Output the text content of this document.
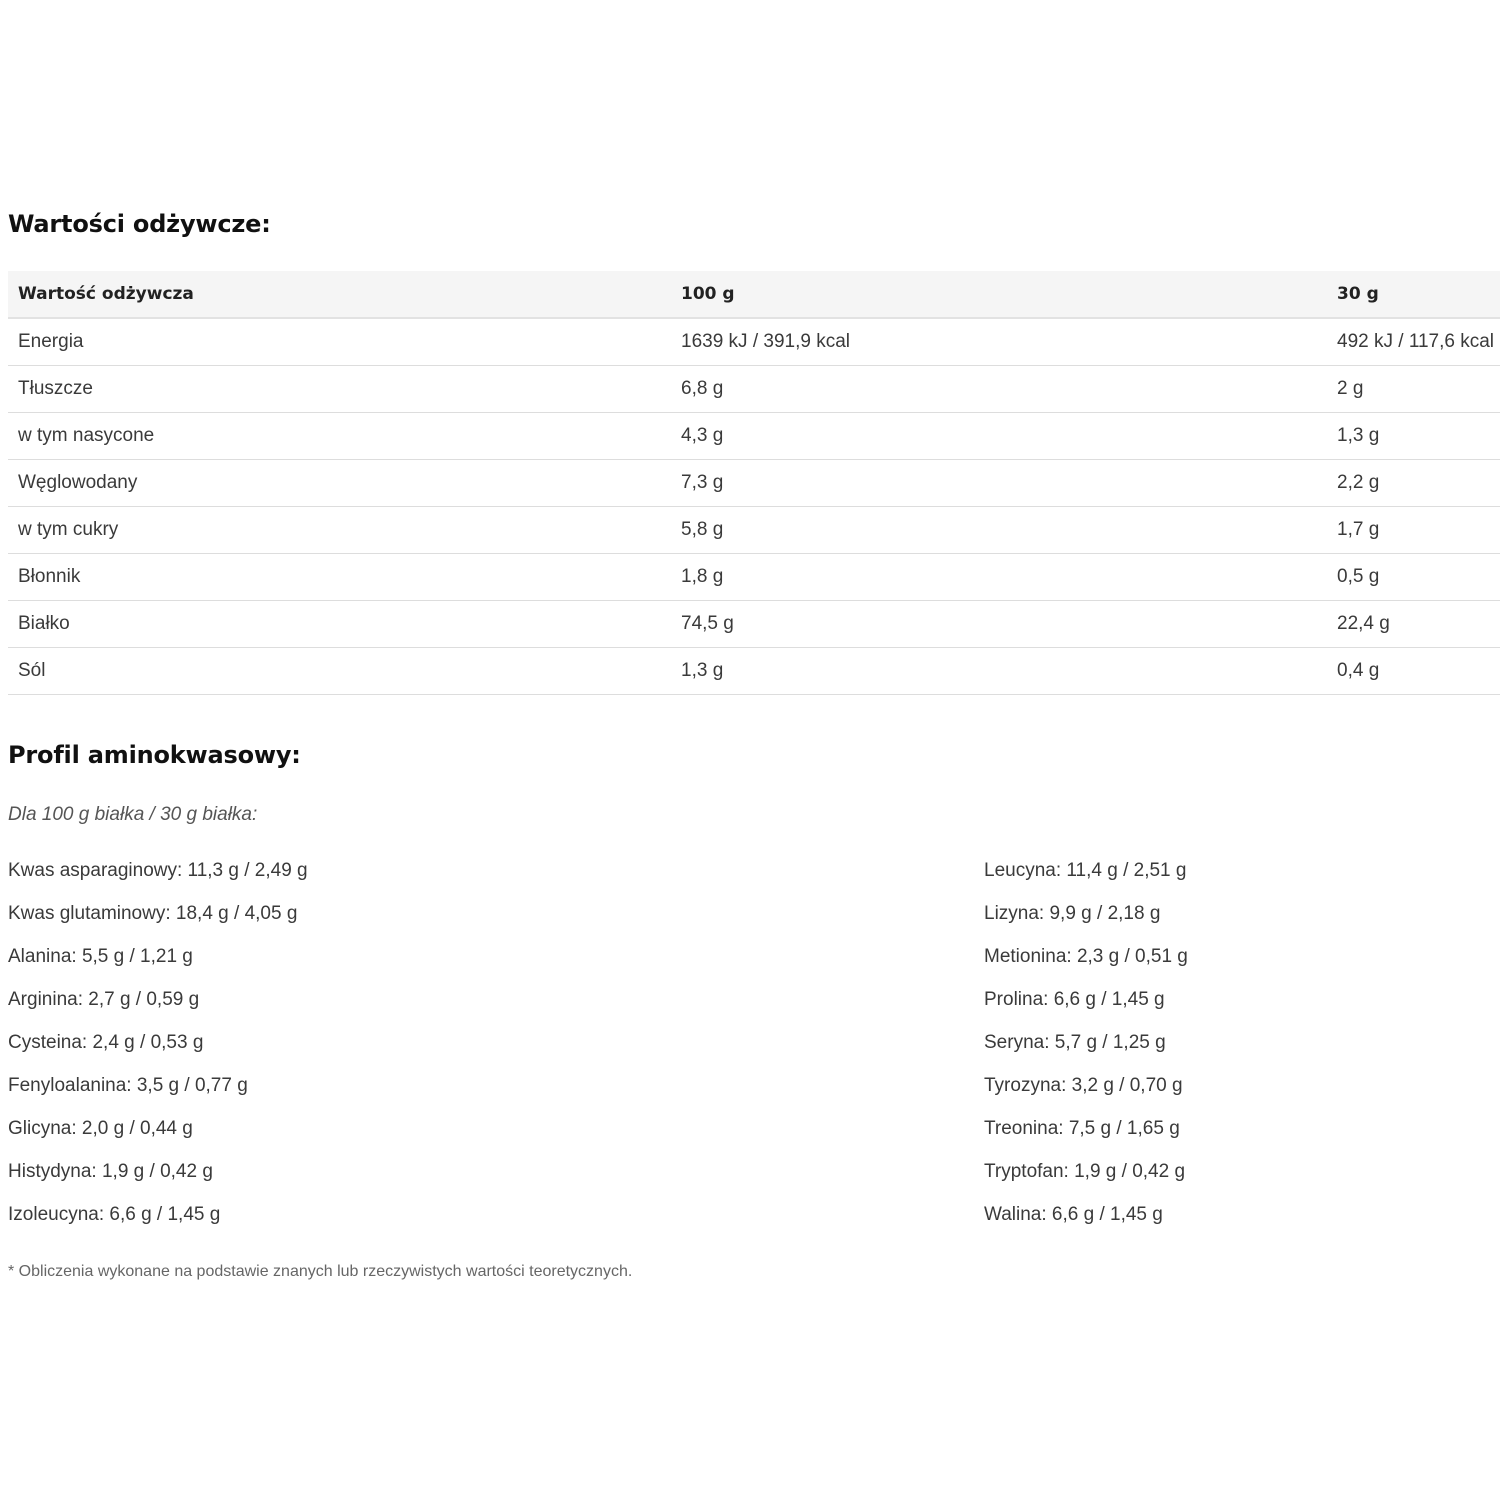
Wartości odżywcze:
Wartość odżywcza	100 g	30 g
Energia	1639 kJ / 391,9 kcal	492 kJ / 117,6 kcal
Tłuszcze	6,8 g	2 g
w tym nasycone	4,3 g	1,3 g
Węglowodany	7,3 g	2,2 g
w tym cukry	5,8 g	1,7 g
Błonnik	1,8 g	0,5 g
Białko	74,5 g	22,4 g
Sól	1,3 g	0,4 g
Profil aminokwasowy:

Dla 100 g białka / 30 g białka:

Kwas asparaginowy: 11,3 g / 2,49 g
Kwas glutaminowy: 18,4 g / 4,05 g
Alanina: 5,5 g / 1,21 g
Arginina: 2,7 g / 0,59 g
Cysteina: 2,4 g / 0,53 g
Fenyloalanina: 3,5 g / 0,77 g
Glicyna: 2,0 g / 0,44 g
Histydyna: 1,9 g / 0,42 g
Izoleucyna: 6,6 g / 1,45 g
Leucyna: 11,4 g / 2,51 g
Lizyna: 9,9 g / 2,18 g
Metionina: 2,3 g / 0,51 g
Prolina: 6,6 g / 1,45 g
Seryna: 5,7 g / 1,25 g
Tyrozyna: 3,2 g / 0,70 g
Treonina: 7,5 g / 1,65 g
Tryptofan: 1,9 g / 0,42 g
Walina: 6,6 g / 1,45 g

* Obliczenia wykonane na podstawie znanych lub rzeczywistych wartości teoretycznych.
